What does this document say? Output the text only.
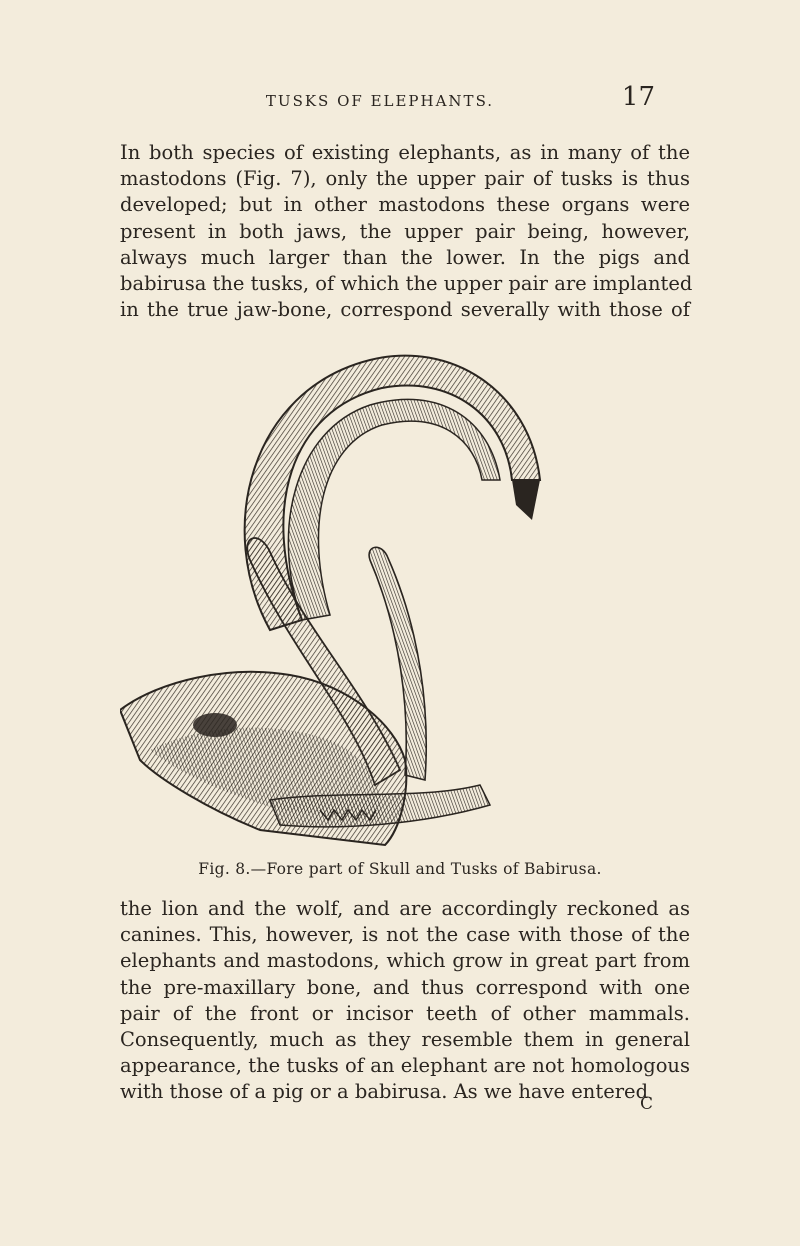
TUSKS OF ELEPHANTS.	17
In both species of existing elephants, as in many of the
mastodons (Fig. 7), only the upper pair of tusks is thus
developed; but in other mastodons these organs were
present in both jaws, the upper pair being, however,
always much larger than the lower. In the pigs and
babirusa the tusks, of which the upper pair are implanted
in the true jaw-bone, correspond severally with those of
Fig. 8.—Fore part of Skull and Tusks of Babirusa.
the lion and the wolf, and are accordingly reckoned as
canines. This, however, is not the case with those of the
elephants and mastodons, which grow in great part from
the pre-maxillary bone, and thus correspond with one
pair of the front or incisor teeth of other mammals.
Consequently, much as they resemble them in general
appearance, the tusks of an elephant are not homologous
with those of a pig or a babirusa. As we have entered
C
